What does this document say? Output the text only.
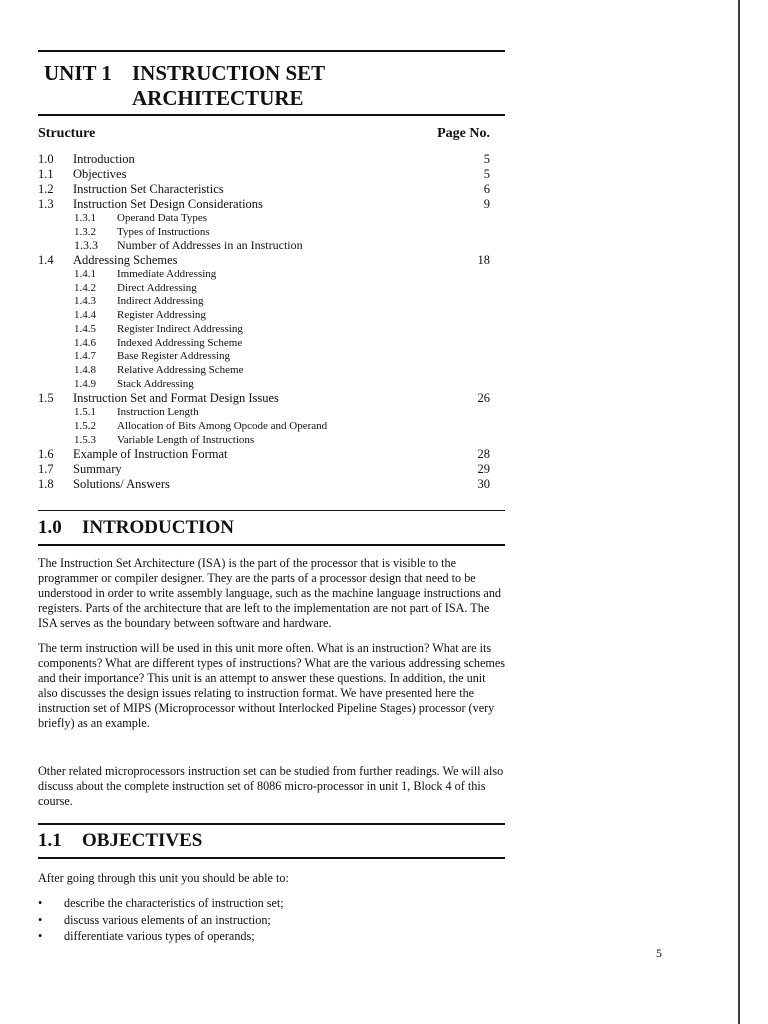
UNIT 1 INSTRUCTION SET
ARCHITECTURE
Structure	Page No.
1.0 Introduction	5
1.1 Objectives	5
1.2 Instruction Set Characteristics	6
1.3 Instruction Set Design Considerations	9
1.3.1 Operand Data Types
1.3.2 Types of Instructions
1.3.3 Number of Addresses in an Instruction
1.4 Addressing Schemes	18
1.4.1 Immediate Addressing
1.4.2 Direct Addressing
1.4.3 Indirect Addressing
1.4.4 Register Addressing
1.4.5 Register Indirect Addressing
1.4.6 Indexed Addressing Scheme
1.4.7 Base Register Addressing
1.4.8 Relative Addressing Scheme
1.4.9 Stack Addressing
1.5 Instruction Set and Format Design Issues	26
1.5.1 Instruction Length
1.5.2 Allocation of Bits Among Opcode and Operand
1.5.3 Variable Length of Instructions
1.6 Example of Instruction Format	28
1.7 Summary	29
1.8 Solutions/ Answers	30
1.0 INTRODUCTION

The Instruction Set Architecture (ISA) is the part of the processor that is visible to the programmer or compiler designer. They are the parts of a processor design that need to be understood in order to write assembly language, such as the machine language instructions and registers. Parts of the architecture that are left to the implementation are not part of ISA. The ISA serves as the boundary between software and hardware.

The term instruction will be used in this unit more often. What is an instruction? What are its components? What are different types of instructions? What are the various addressing schemes and their importance? This unit is an attempt to answer these questions. In addition, the unit also discusses the design issues relating to instruction format. We have presented here the instruction set of MIPS (Microprocessor without Interlocked Pipeline Stages) processor (very briefly) as an example.

Other related microprocessors instruction set can be studied from further readings. We will also discuss about the complete instruction set of 8086 micro-processor in unit 1, Block 4 of this course.

1.1 OBJECTIVES

After going through this unit you should be able to:

• describe the characteristics of instruction set;
• discuss various elements of an instruction;
• differentiate various types of operands;
5
